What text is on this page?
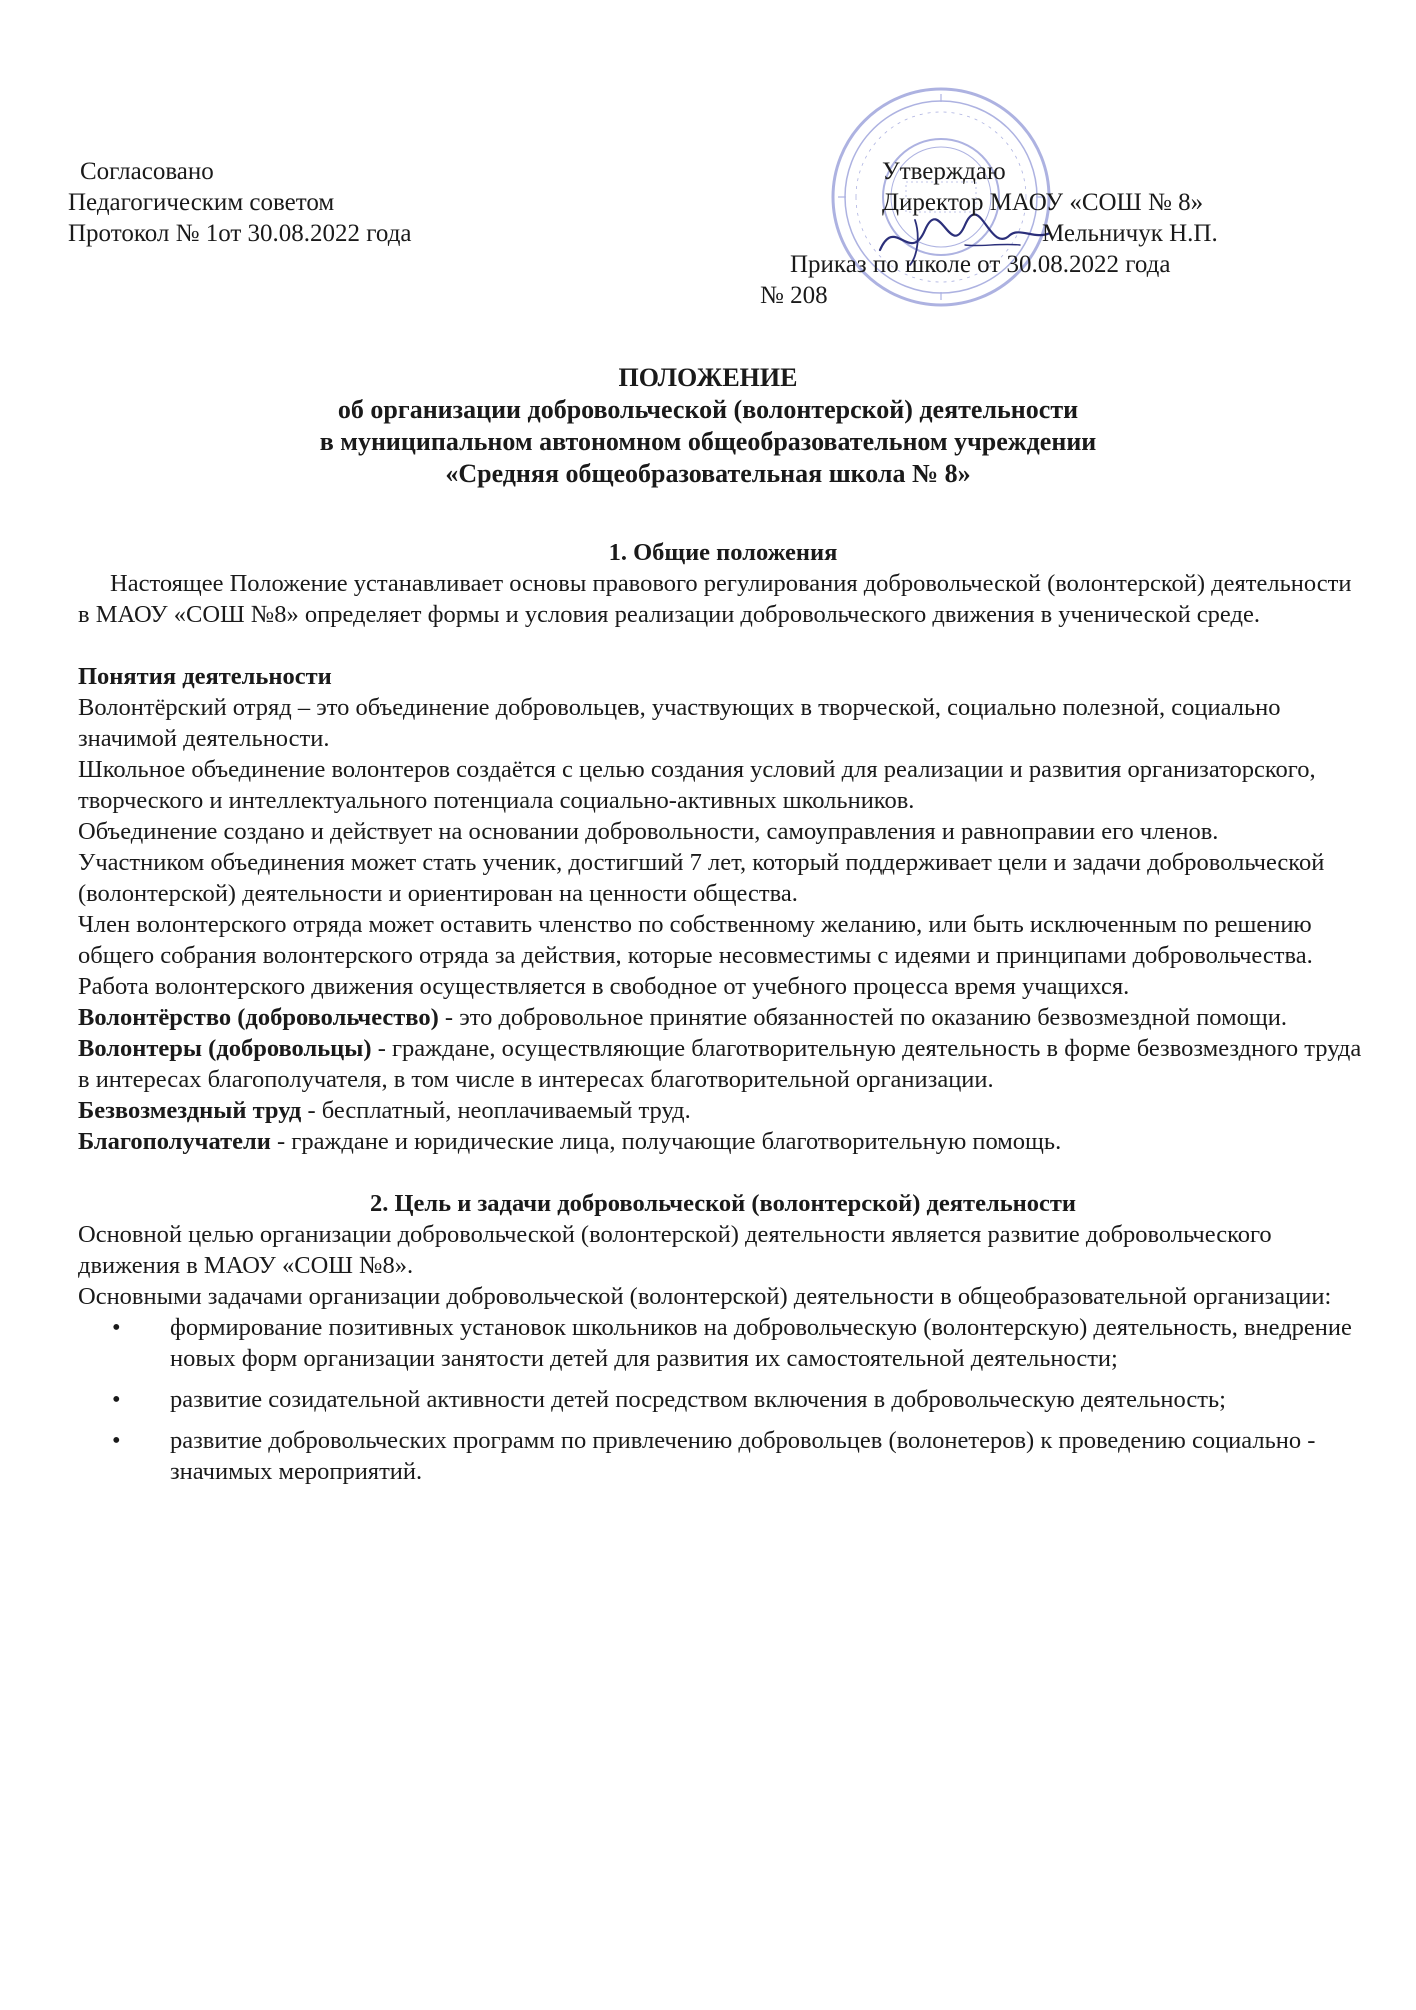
Согласовано
Педагогическим советом
Протокол № 1от 30.08.2022 года
Утверждаю
Директор МАОУ «СОШ № 8»
Мельничук Н.П.
Приказ по школе от 30.08.2022 года
№ 208
ПОЛОЖЕНИЕ
об организации добровольческой (волонтерской) деятельности
в муниципальном автономном общеобразовательном учреждении
«Средняя общеобразовательная школа № 8»

1. Общие положения

Настоящее Положение устанавливает основы правового регулирования добровольческой (волонтерской) деятельности в МАОУ «СОШ №8» определяет формы и условия реализации добровольческого движения в ученической среде.

Понятия деятельности

Волонтёрский отряд – это объединение добровольцев, участвующих в творческой, социально полезной, социально значимой деятельности.

Школьное объединение волонтеров создаётся с целью создания условий для реализации и развития организаторского, творческого и интеллектуального потенциала социально-активных школьников.

Объединение создано и действует на основании добровольности, самоуправления и равноправии его членов.

Участником объединения может стать ученик, достигший 7 лет, который поддерживает цели и задачи добровольческой (волонтерской) деятельности и ориентирован на ценности общества.

Член волонтерского отряда может оставить членство по собственному желанию, или быть исключенным по решению общего собрания волонтерского отряда за действия, которые несовместимы с идеями и принципами добровольчества.

Работа волонтерского движения осуществляется в свободное от учебного процесса время учащихся.

Волонтёрство (добровольчество) - это добровольное принятие обязанностей по оказанию безвозмездной помощи.

Волонтеры (добровольцы) - граждане, осуществляющие благотворительную деятельность в форме безвозмездного труда в интересах благополучателя, в том числе в интересах благотворительной организации.

Безвозмездный труд - бесплатный, неоплачиваемый труд.

Благополучатели - граждане и юридические лица, получающие благотворительную помощь.

2. Цель и задачи добровольческой (волонтерской) деятельности

Основной целью организации добровольческой (волонтерской) деятельности является развитие добровольческого движения в МАОУ «СОШ №8».

Основными задачами организации добровольческой (волонтерской) деятельности в общеобразовательной организации:

• формирование позитивных установок школьников на добровольческую (волонтерскую) деятельность, внедрение новых форм организации занятости детей для развития их самостоятельной деятельности;
• развитие созидательной активности детей посредством включения в добровольческую деятельность;
• развитие добровольческих программ по привлечению добровольцев (волонетеров) к проведению социально - значимых мероприятий.
